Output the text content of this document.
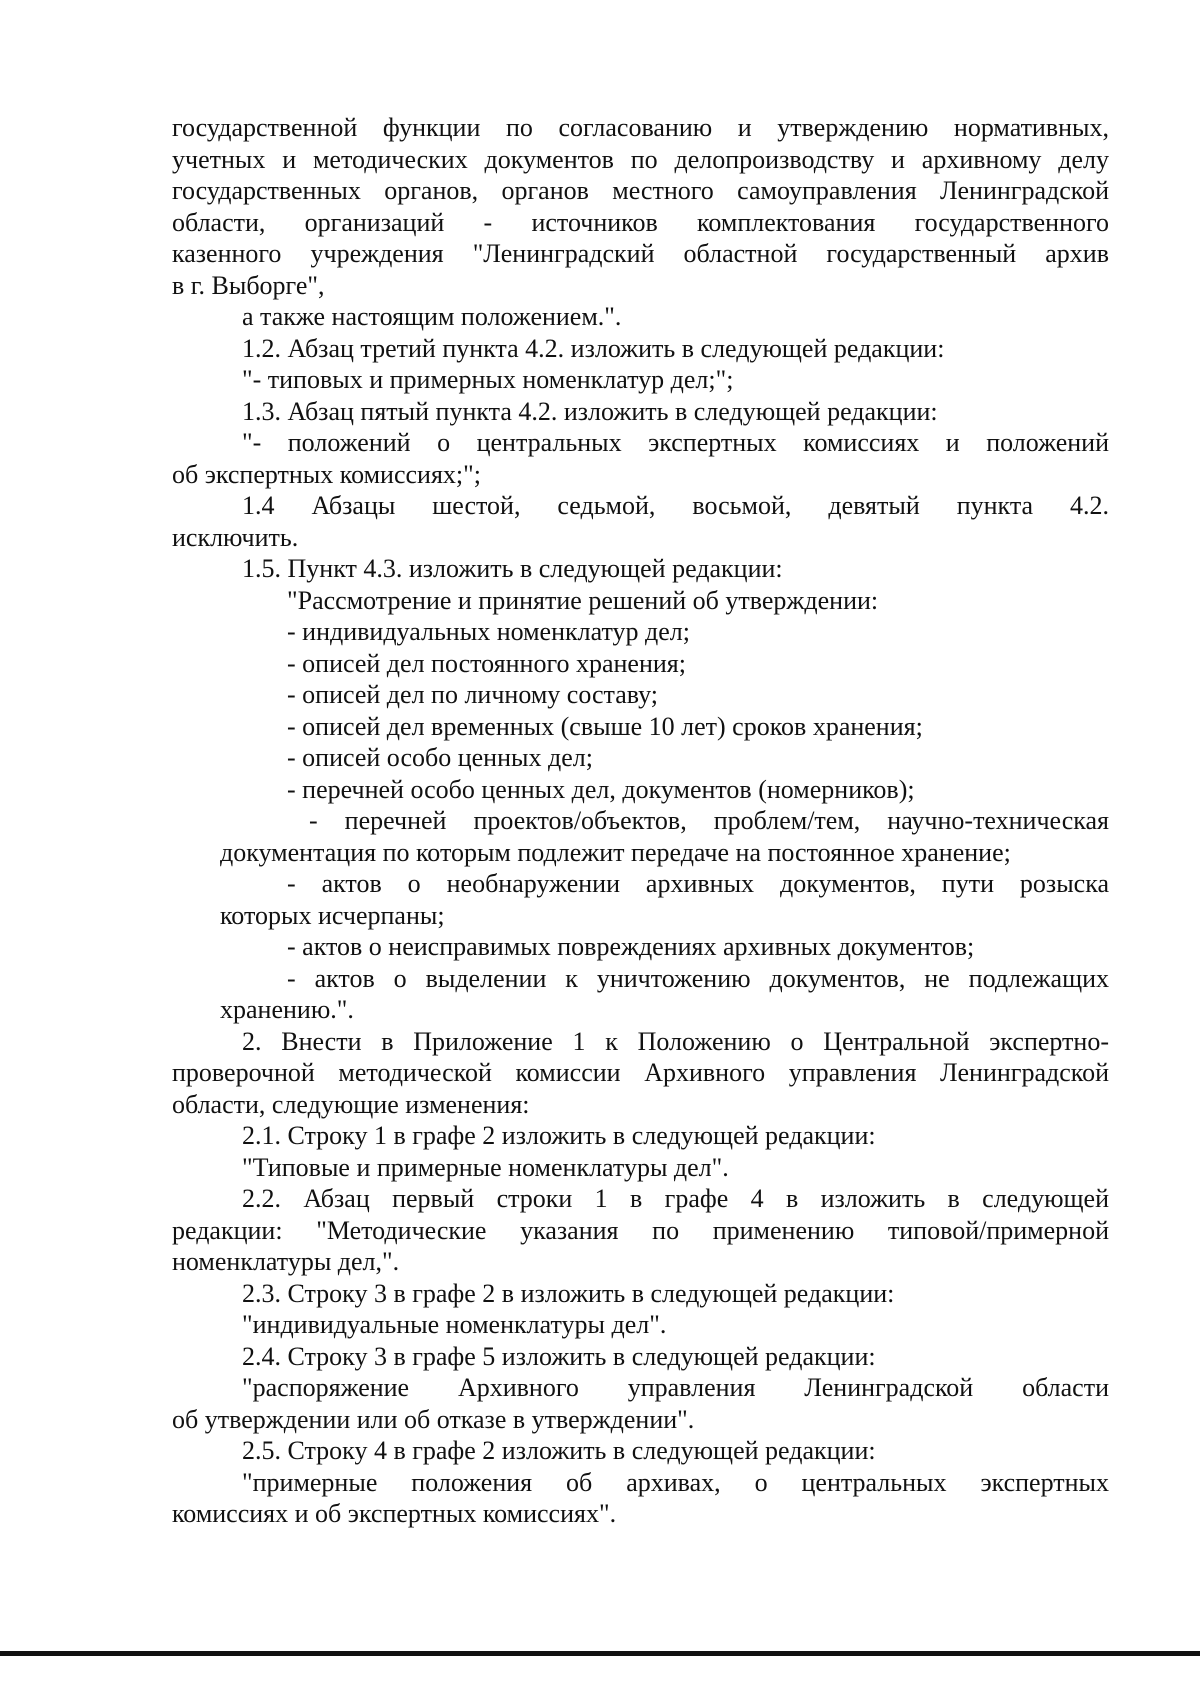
государственной функции по согласованию и утверждению нормативных,
учетных и методических документов по делопроизводству и архивному делу
государственных органов, органов местного самоуправления Ленинградской
области, организаций - источников комплектования государственного
казенного учреждения "Ленинградский областной государственный архив
в г. Выборге",
а также настоящим положением.".
1.2. Абзац третий пункта 4.2. изложить в следующей редакции:
"- типовых и примерных номенклатур дел;";
1.3. Абзац пятый пункта 4.2. изложить в следующей редакции:
"- положений о центральных экспертных комиссиях и положений
об экспертных комиссиях;";
1.4 Абзацы шестой, седьмой, восьмой, девятый пункта 4.2.
исключить.
1.5. Пункт 4.3. изложить в следующей редакции:
"Рассмотрение и принятие решений об утверждении:
- индивидуальных номенклатур дел;
- описей дел постоянного хранения;
- описей дел по личному составу;
- описей дел временных (свыше 10 лет) сроков хранения;
- описей особо ценных дел;
- перечней особо ценных дел, документов (номерников);
- перечней проектов/объектов, проблем/тем, научно-техническая
документация по которым подлежит передаче на постоянное хранение;
- актов о необнаружении архивных документов, пути розыска
которых исчерпаны;
- актов о неисправимых повреждениях архивных документов;
- актов о выделении к уничтожению документов, не подлежащих
хранению.".
2. Внести в Приложение 1 к Положению о Центральной экспертно-
проверочной методической комиссии Архивного управления Ленинградской
области, следующие изменения:
2.1. Строку 1 в графе 2 изложить в следующей редакции:
"Типовые и примерные номенклатуры дел".
2.2. Абзац первый строки 1 в графе 4 в изложить в следующей
редакции: "Методические указания по применению типовой/примерной
номенклатуры дел,".
2.3. Строку 3 в графе 2 в изложить в следующей редакции:
"индивидуальные номенклатуры дел".
2.4. Строку 3 в графе 5 изложить в следующей редакции:
"распоряжение Архивного управления Ленинградской области
об утверждении или об отказе в утверждении".
2.5. Строку 4 в графе 2 изложить в следующей редакции:
"примерные положения об архивах, о центральных экспертных
комиссиях и об экспертных комиссиях".
